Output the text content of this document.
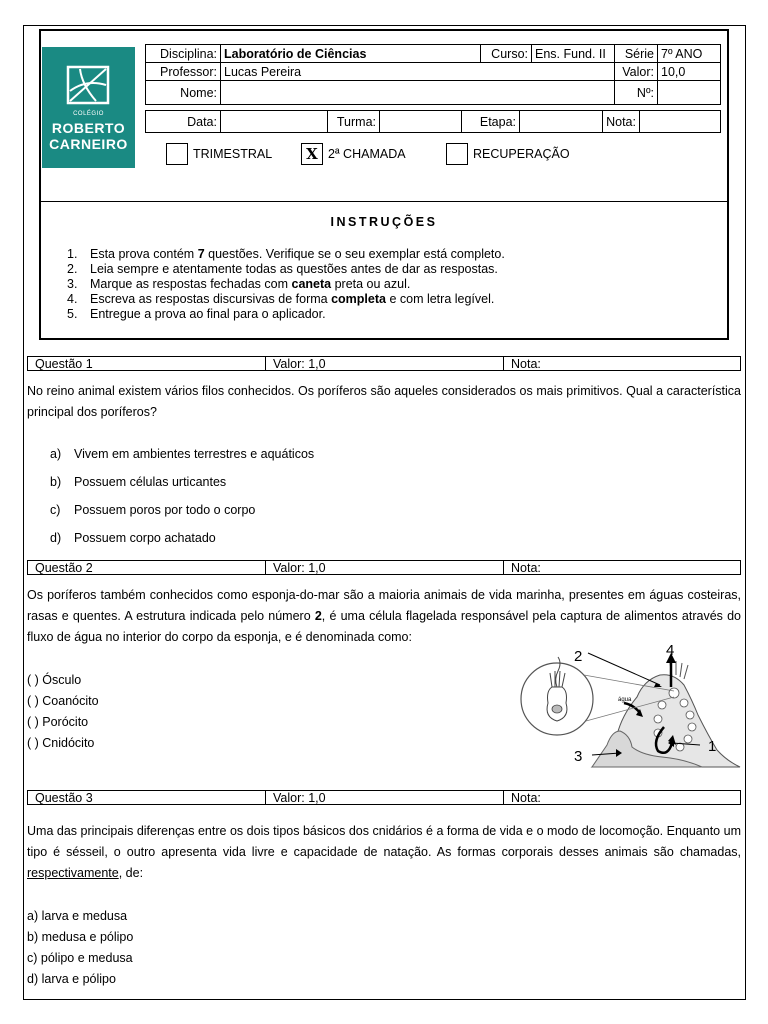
COLÉGIO
ROBERTO
CARNEIRO
Disciplina:	Laboratório de Ciências	Curso:	Ens. Fund. II	Série	7º ANO
Professor:	Lucas Pereira			Valor:	10,0
Nome:				Nº:	
Data:		Turma:		Etapa:		Nota:	
TRIMESTRAL	X 2ª CHAMADA	RECUPERAÇÃO
INSTRUÇÕES
1. Esta prova contém 7 questões. Verifique se o seu exemplar está completo.
2. Leia sempre e atentamente todas as questões antes de dar as respostas.
3. Marque as respostas fechadas com caneta preta ou azul.
4. Escreva as respostas discursivas de forma completa e com letra legível.
5. Entregue a prova ao final para o aplicador.
Questão 1	Valor: 1,0	Nota:
No reino animal existem vários filos conhecidos. Os poríferos são aqueles considerados os mais primitivos. Qual a característica principal dos poríferos?
a) Vivem em ambientes terrestres e aquáticos
b) Possuem células urticantes
c) Possuem poros por todo o corpo
d) Possuem corpo achatado
Questão 2	Valor: 1,0	Nota:
Os poríferos também conhecidos como esponja-do-mar são a maioria animais de vida marinha, presentes em águas costeiras, rasas e quentes. A estrutura indicada pelo número 2, é uma célula flagelada responsável pela captura de alimentos através do fluxo de água no interior do corpo da esponja, e é denominada como:
( ) Ósculo
( ) Coanócito
( ) Porócito
( ) Cnidócito
2	4
1
3
água
Questão 3	Valor: 1,0	Nota:
Uma das principais diferenças entre os dois tipos básicos dos cnidários é a forma de vida e o modo de locomoção. Enquanto um tipo é sésseil, o outro apresenta vida livre e capacidade de natação. As formas corporais desses animais são chamadas, respectivamente, de:
a) larva e medusa
b) medusa e pólipo
c) pólipo e medusa
d) larva e pólipo
